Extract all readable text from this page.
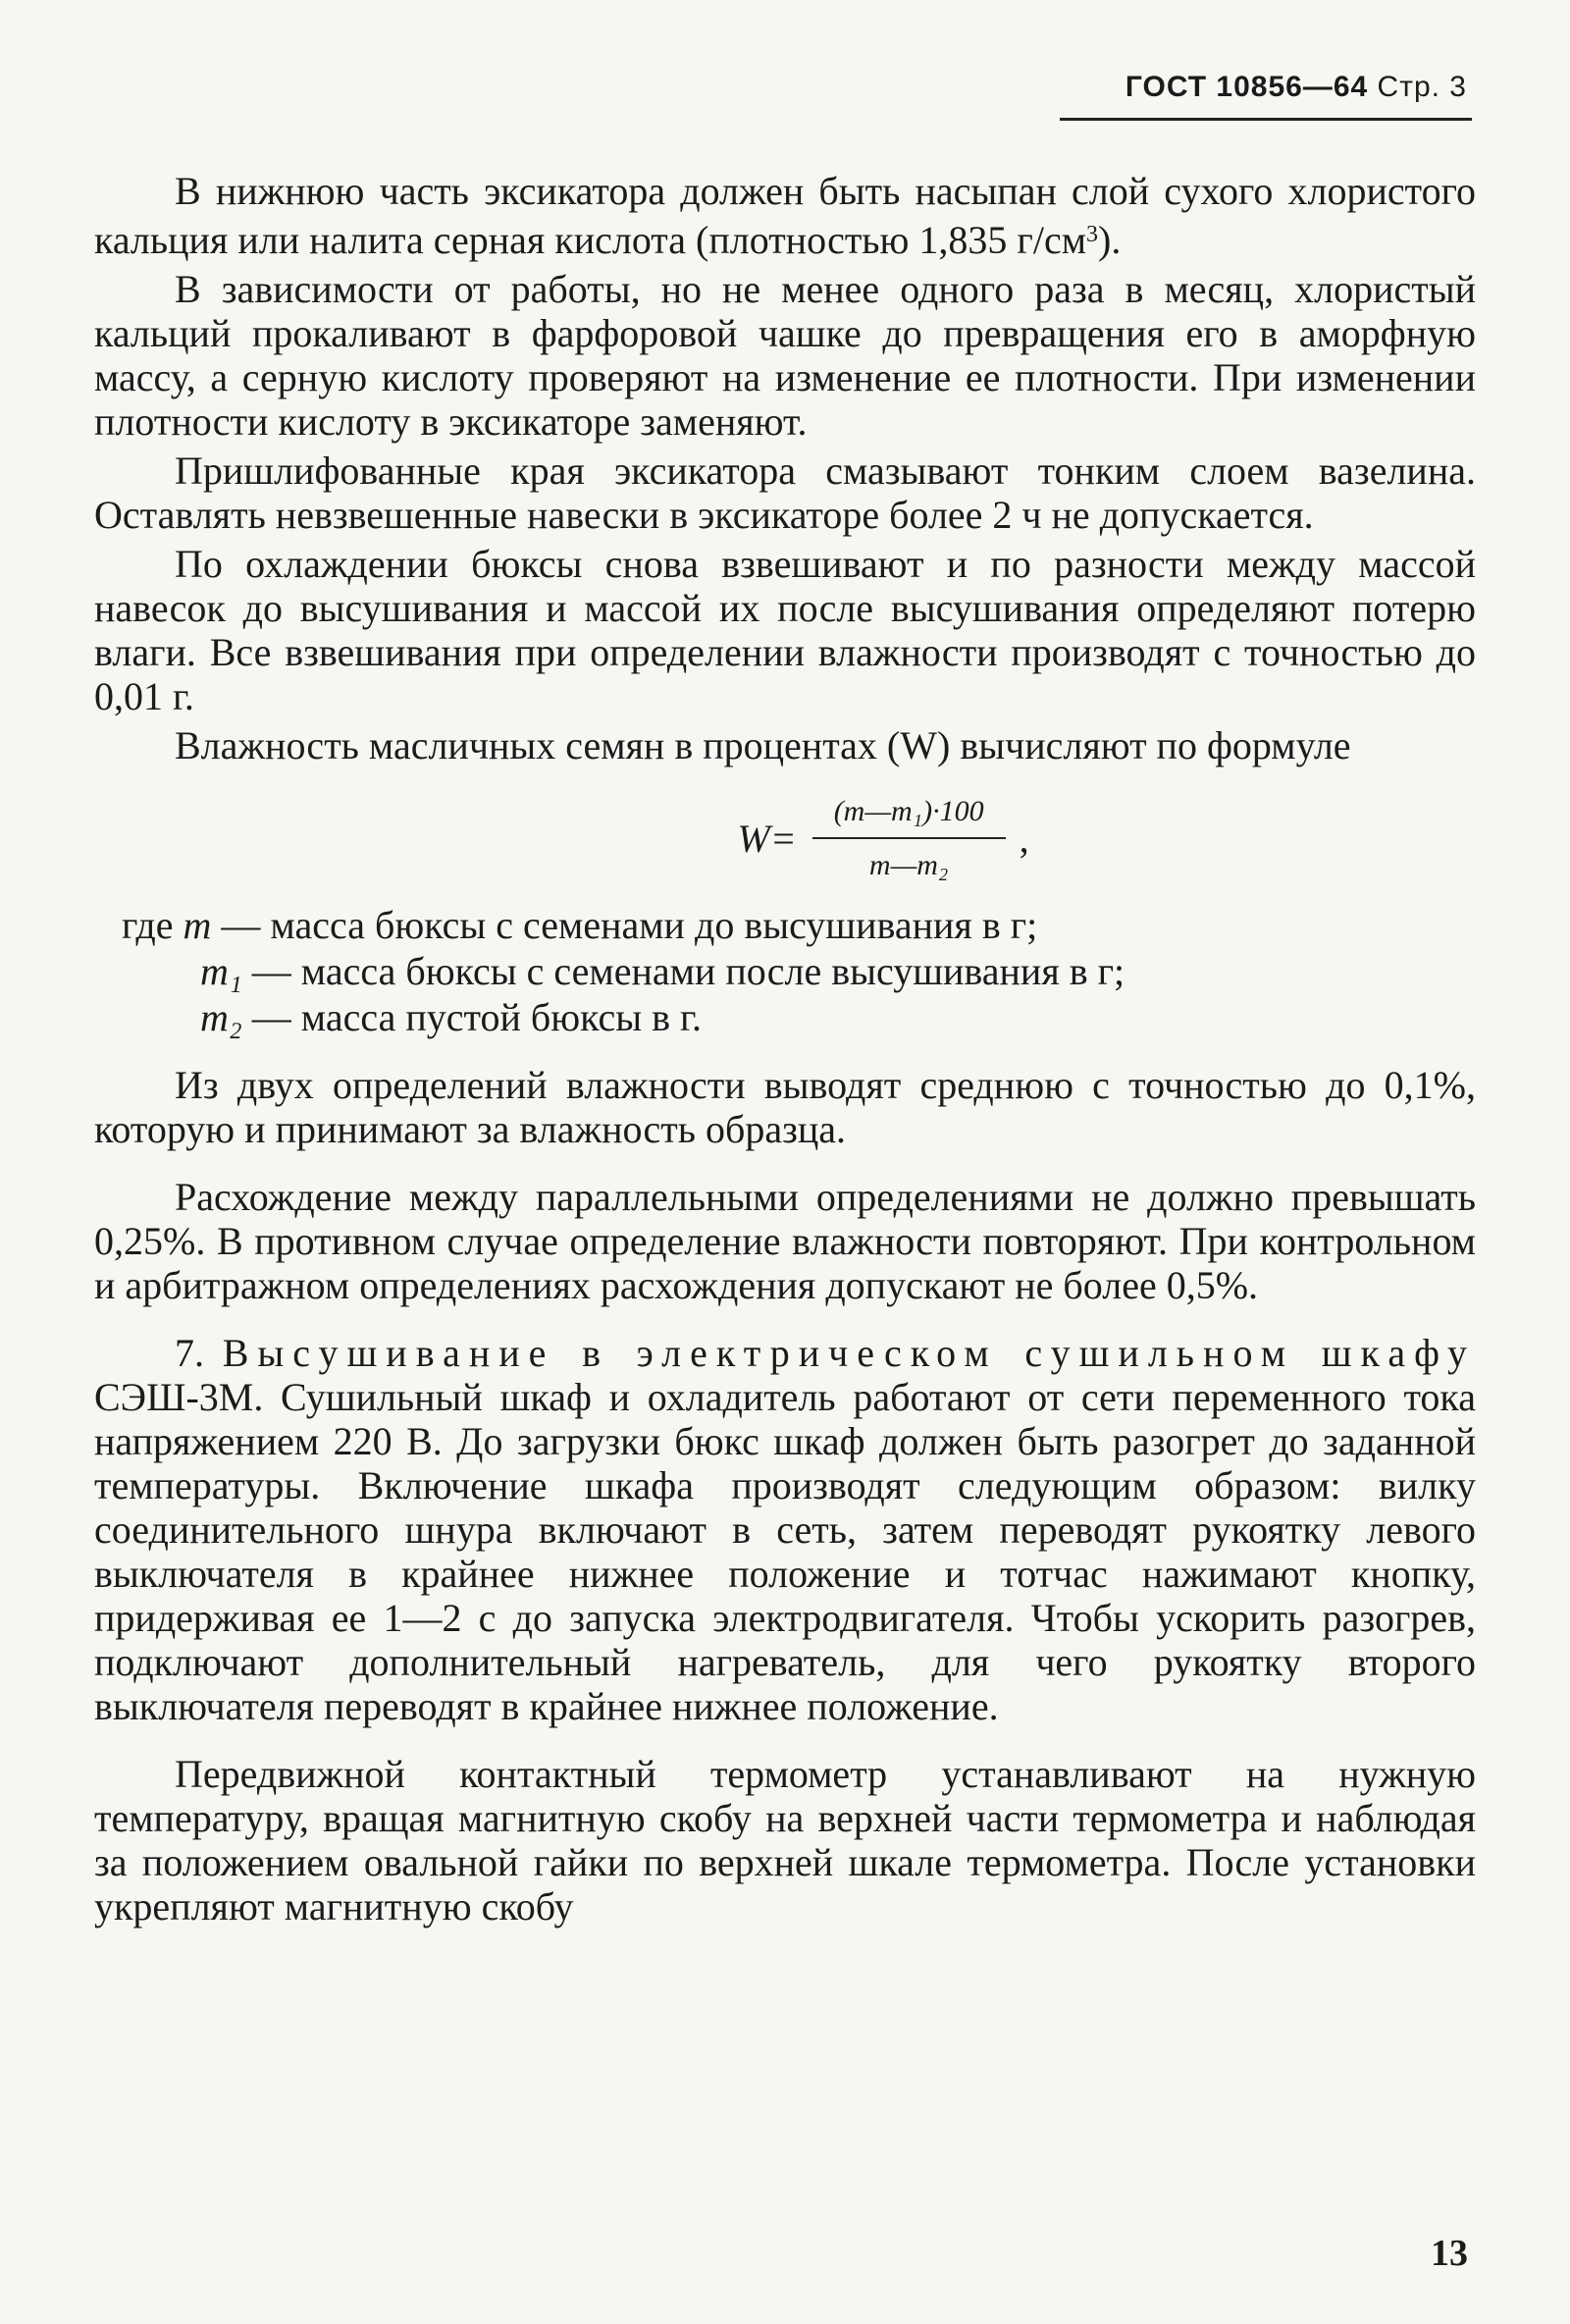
ГОСТ 10856—64 Стр. 3

В нижнюю часть эксикатора должен быть насыпан слой сухого хлористого кальция или налита серная кислота (плотностью 1,835 $г/см^3$).

В зависимости от работы, но не менее одного раза в месяц, хлористый кальций прокаливают в фарфоровой чашке до превращения его в аморфную массу, а серную кислоту проверяют на изменение ее плотности. При изменении плотности кислоту в эксикаторе заменяют.

Пришлифованные края эксикатора смазывают тонким слоем вазелина. Оставлять невзвешенные навески в эксикаторе более 2 ч не допускается.

По охлаждении бюксы снова взвешивают и по разности между массой навесок до высушивания и массой их после высушивания определяют потерю влаги. Все взвешивания при определении влажности производят с точностью до 0,01 г.

Влажность масличных семян в процентах (W) вычисляют по формуле

$W= \frac{\text{(m—m₁)·100}}{\text{m—m₂}}$ ,
где m — масса бюксы с семенами до высушивания в г;
m₁ — масса бюксы с семенами после высушивания в г;
m₂ — масса пустой бюксы в г.

Из двух определений влажности выводят среднюю с точностью до 0,1%, которую и принимают за влажность образца.

Расхождение между параллельными определениями не должно превышать 0,25%. В противном случае определение влажности повторяют. При контрольном и арбитражном определениях расхождения допускают не более 0,5%.

7. Высушивание в электрическом сушильном шкафу СЭШ-3М. Сушильный шкаф и охладитель работают от сети переменного тока напряжением 220 В. До загрузки бюкс шкаф должен быть разогрет до заданной температуры. Включение шкафа производят следующим образом: вилку соединительного шнура включают в сеть, затем переводят рукоятку левого выключателя в крайнее нижнее положение и тотчас нажимают кнопку, придерживая ее 1—2 с до запуска электродвигателя. Чтобы ускорить разогрев, подключают дополнительный нагреватель, для чего рукоятку второго выключателя переводят в крайнее нижнее положение.

Передвижной контактный термометр устанавливают на нужную температуру, вращая магнитную скобу на верхней части термометра и наблюдая за положением овальной гайки по верхней шкале термометра. После установки укрепляют магнитную скобу

13
